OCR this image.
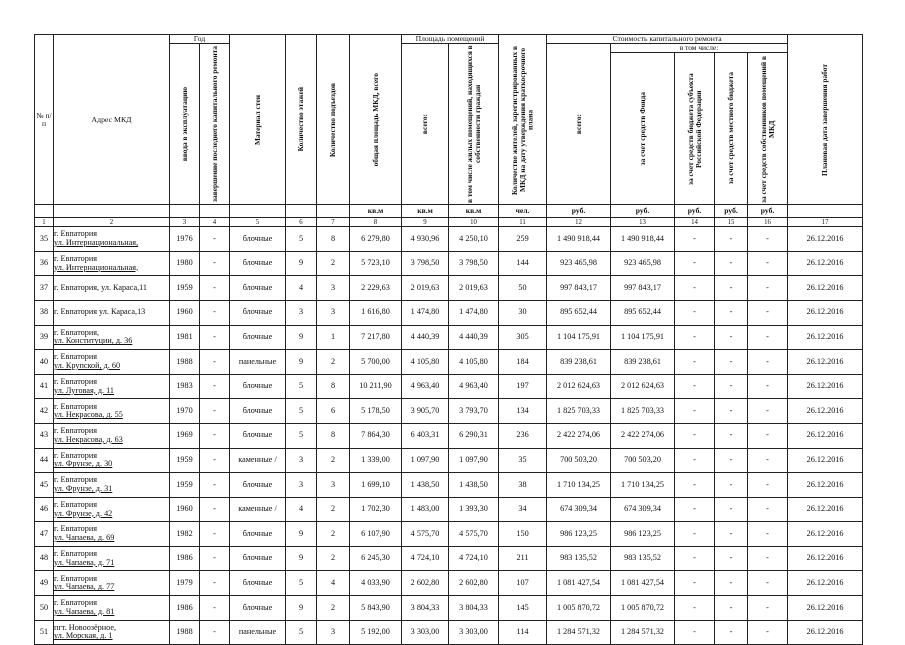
№ п/п	Адрес МКД	Год		Материал стен	Количество этажей	Количество подъездов	общая площадь МКД, всего	Площадь помещений		Количество жителей, зарегистрированных в МКД на дату утверждения краткосрочного плана	Стоимость капитального ремонта					Плановая дата завершения работ

		ввода в эксплуатацию	завершение последнего капитального ремонта					всего:	в том числе жилых помещений, находящихся в собственности граждан		всего:	в том числе:				

												за счет средств Фонда	за счет средств бюджета субъекта Российской Федерации	за счет средств местного бюджета	за счет средств собственников помещений в МКД	

							кв.м	кв.м	кв.м	чел.	руб.	руб.	руб.	руб.	руб.	
1	2	3	4	5	6	7	8	9	10	11	12	13	14	15	16	17
35	г. Евпатория
ул. Интернациональная,	1976	-	блочные	5	8	6 279,80	4 930,96	4 250,10	259	1 490 918,44	1 490 918,44	-	-	-	26.12.2016
36	г. Евпатория
ул. Интернациональная,	1980	-	блочные	9	2	5 723,10	3 798,50	3 798,50	144	923 465,98	923 465,98	-	-	-	26.12.2016
37	г. Евпатория, ул. Караса,11	1959	-	блочные	4	3	2 229,63	2 019,63	2 019,63	50	997 843,17	997 843,17	-	-	-	26.12.2016
38	г. Евпатория ул. Караса,13	1960	-	блочные	3	3	1 616,80	1 474,80	1 474,80	30	895 652,44	895 652,44	-	-	-	26.12.2016
39	г. Евпатория,
ул. Конституции, д. 36	1981	-	блочные	9	1	7 217,80	4 440,39	4 440,39	305	1 104 175,91	1 104 175,91	-	-	-	26.12.2016
40	г. Евпатория
ул. Крупской, д. 60	1988	-	панельные	9	2	5 700,00	4 105,80	4 105,80	184	839 238,61	839 238,61	-	-	-	26.12.2016
41	г. Евпатория
ул. Луговая, д. 11	1983	-	блочные	5	8	10 211,90	4 963,40	4 963,40	197	2 012 624,63	2 012 624,63	-	-	-	26.12.2016
42	г. Евпатория
ул. Некрасова, д. 55	1970	-	блочные	5	6	5 178,50	3 905,70	3 793,70	134	1 825 703,33	1 825 703,33	-	-	-	26.12.2016
43	г. Евпатория
ул. Некрасова, д. 63	1969	-	блочные	5	8	7 864,30	6 403,31	6 290,31	236	2 422 274,06	2 422 274,06	-	-	-	26.12.2016
44	г. Евпатория
ул. Фрунзе, д. 30	1959	-	каменные /	3	2	1 339,00	1 097,90	1 097,90	35	700 503,20	700 503,20	-	-	-	26.12.2016
45	г. Евпатория
ул. Фрунзе, д. 31	1959	-	блочные	3	3	1 699,10	1 438,50	1 438,50	38	1 710 134,25	1 710 134,25	-	-	-	26.12.2016
46	г. Евпатория
ул. Фрунзе, д. 42	1960	-	каменные /	4	2	1 702,30	1 483,00	1 393,30	34	674 309,34	674 309,34	-	-	-	26.12.2016
47	г. Евпатория
ул. Чапаева, д. 69	1982	-	блочные	9	2	6 107,90	4 575,70	4 575,70	150	986 123,25	986 123,25	-	-	-	26.12.2016
48	г. Евпатория
ул. Чапаева, д. 71	1986	-	блочные	9	2	6 245,30	4 724,10	4 724,10	211	983 135,52	983 135,52	-	-	-	26.12.2016
49	г. Евпатория
ул. Чапаева, д. 77	1979	-	блочные	5	4	4 033,90	2 602,80	2 602,80	107	1 081 427,54	1 081 427,54	-	-	-	26.12.2016
50	г. Евпатория
ул. Чапаева, д. 81	1986	-	блочные	9	2	5 843,90	3 804,33	3 804,33	145	1 005 870,72	1 005 870,72	-	-	-	26.12.2016
51	пгт. Новоозёрное,
ул. Морская, д. 1	1988	-	панельные	5	3	5 192,00	3 303,00	3 303,00	114	1 284 571,32	1 284 571,32	-	-	-	26.12.2016
